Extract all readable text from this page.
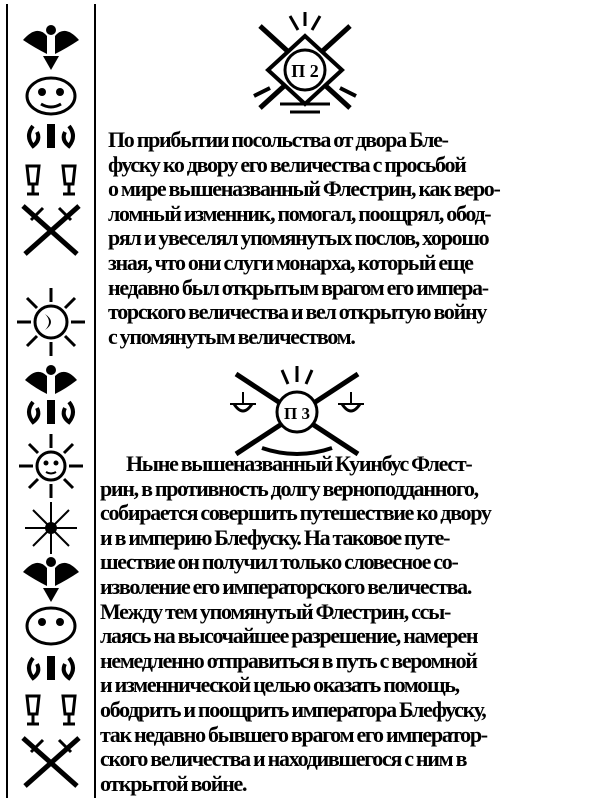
П 2

По прибытии посольства от двора Бле-
фуску ко двору его величества с просьбой
о мире вышеназванный Флестрин, как веро-
ломный изменник, помогал, поощрял, обод-
рял и увеселял упомянутых послов, хорошо
зная, что они слуги монарха, который еще
недавно был открытым врагом его импера-
торского величества и вел открытую войну
с упомянутым величеством.

П 3

Ныне вышеназванный Куинбус Флест-
рин, в противность долгу верноподданного,
собирается совершить путешествие ко двору
и в империю Блефуску. На таковое путе-
шествие он получил только словесное со-
изволение его императорского величества.
Между тем упомянутый Флестрин, ссы-
лаясь на высочайшее разрешение, намерен
немедленно отправиться в путь с веромной
и изменнической целью оказать помощь,
ободрить и поощрить императора Блефуску,
так недавно бывшего врагом его император-
ского величества и находившегося с ним в
открытой войне.
